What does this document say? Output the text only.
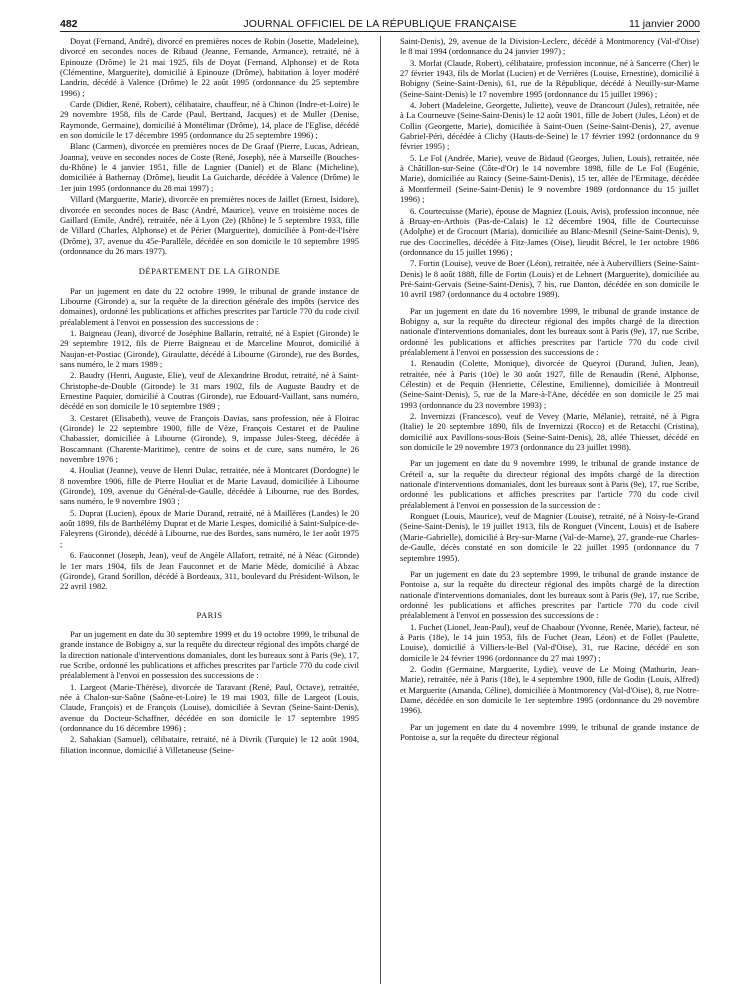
482	JOURNAL OFFICIEL DE LA RÉPUBLIQUE FRANÇAISE	11 janvier 2000

Doyat (Fernand, André), divorcé en premières noces de Robin (Josette, Madeleine), divorcé en secondes noces de Ribaud (Jeanne, Fernande, Armance), retraité, né à Epinouze (Drôme) le 21 mai 1925, fils de Doyat (Fernand, Alphonse) et de Rota (Clémentine, Marguerite), domicilié à Epinouze (Drôme), habitation à loyer modéré Landrin, décédé à Valence (Drôme) le 22 août 1995 (ordonnance du 25 septembre 1996) ;

Carde (Didier, René, Robert), célibataire, chauffeur, né à Chinon (Indre-et-Loire) le 29 novembre 1958, fils de Carde (Paul, Bertrand, Jacques) et de Muller (Denise, Raymonde, Germaine), domicilié à Montélimar (Drôme), 14, place de l'Eglise, décédé en son domicile le 17 décembre 1995 (ordonnance du 25 septembre 1996) ;

Blanc (Carmen), divorcée en premières noces de De Graaf (Pierre, Lucas, Adriean, Joanna), veuve en secondes noces de Coste (René, Joseph), née à Marseille (Bouches-du-Rhône) le 4 janvier 1951, fille de Lagnier (Daniel) et de Blanc (Micheline), domiciliée à Bathernay (Drôme), lieudit La Guicharde, décédée à Valence (Drôme) le 1er juin 1995 (ordonnance du 28 mai 1997) ;

Villard (Marguerite, Marie), divorcée en premières noces de Jaillet (Ernest, Isidore), divorcée en secondes noces de Basc (André, Maurice), veuve en troisième noces de Gaillard (Emile, André), retraitée, née à Lyon (2e) (Rhône) le 5 septembre 1933, fille de Villard (Charles, Alphonse) et de Périer (Marguerite), domiciliée à Pont-de-l'Isère (Drôme), 37, avenue du 45e-Parallèle, décédée en son domicile le 10 septembre 1995 (ordonnance du 26 mars 1977).

DÉPARTEMENT DE LA GIRONDE

Par un jugement en date du 22 octobre 1999, le tribunal de grande instance de Libourne (Gironde) a, sur la requête de la direction générale des impôts (service des domaines), ordonné les publications et affiches prescrites par l'article 770 du code civil préalablement à l'envoi en possession des successions de :

1. Baigneau (Jean), divorcé de Joséphine Ballarin, retraité, né à Espiet (Gironde) le 29 septembre 1912, fils de Pierre Baigneau et de Marceline Mourot, domicilié à Naujan-et-Postiac (Gironde), Giraulatte, décédé à Libourne (Gironde), rue des Bordes, sans numéro, le 2 mars 1989 ;

2. Baudry (Henri, Auguste, Elie), veuf de Alexandrine Brodut, retraité, né à Saint-Christophe-de-Double (Gironde) le 31 mars 1902, fils de Auguste Baudry et de Ernestine Paquier, domicilié à Coutras (Gironde), rue Edouard-Vaillant, sans numéro, décédé en son domicile le 10 septembre 1989 ;

3. Cestaret (Elisabeth), veuve de François Davias, sans profession, née à Floirac (Gironde) le 22 septembre 1900, fille de Vèze, François Cestaret et de Pauline Chabassier, domiciliée à Libourne (Gironde), 9, impasse Jules-Steeg, décédée à Boscamnant (Charente-Maritime), centre de soins et de cure, sans numéro, le 26 novembre 1976 ;

4. Houliat (Jeanne), veuve de Henri Dulac, retraitée, née à Montcaret (Dordogne) le 8 novembre 1906, fille de Pierre Houliat et de Marie Lavaud, domiciliée à Libourne (Gironde), 109, avenue du Général-de-Gaulle, décédée à Libourne, rue des Bordes, sans numéro, le 9 novembre 1903 ;

5. Duprat (Lucien), époux de Marie Durand, retraité, né à Maillères (Landes) le 20 août 1899, fils de Barthélémy Duprat et de Marie Lespes, domicilié à Saint-Sulpice-de-Faleyrens (Gironde), décédé à Libourne, rue des Bordes, sans numéro, le 1er août 1975 ;

6. Fauconnet (Joseph, Jean), veuf de Angèle Allafort, retraité, né à Néac (Gironde) le 1er mars 1904, fils de Jean Fauconnet et de Marie Mède, domicilié à Abzac (Gironde), Grand Sorillon, décédé à Bordeaux, 311, boulevard du Président-Wilson, le 22 avril 1982.

PARIS

Par un jugement en date du 30 septembre 1999 et du 19 octobre 1999, le tribunal de grande instance de Bobigny a, sur la requête du directeur régional des impôts chargé de la direction nationale d'interventions domaniales, dont les bureaux sont à Paris (9e), 17, rue Scribe, ordonné les publications et affiches prescrites par l'article 770 du code civil préalablement à l'envoi en possession des successions de :

1. Largeot (Marie-Thérèse), divorcée de Taravant (René, Paul, Octave), retraitée, née à Chalon-sur-Saône (Saône-et-Loire) le 19 mai 1903, fille de Largeot (Louis, Claude, François) et de François (Louise), domiciliée à Sevran (Seine-Saint-Denis), avenue du Docteur-Schaffner, décédée en son domicile le 17 septembre 1995 (ordonnance du 16 décembre 1996) ;

2. Sahakian (Samuel), célibataire, retraité, né à Divrik (Turquie) le 12 août 1904, filiation inconnue, domicilié à Villetaneuse (Seine-

Saint-Denis), 29, avenue de la Division-Leclerc, décédé à Montmorency (Val-d'Oise) le 8 mai 1994 (ordonnance du 24 janvier 1997) ;

3. Morlat (Claude, Robert), célibataire, profession inconnue, né à Sancerre (Cher) le 27 février 1943, fils de Morlat (Lucien) et de Verrières (Louise, Ernestine), domicilié à Bobigny (Seine-Saint-Denis), 61, rue de la République, décédé à Neuilly-sur-Marne (Seine-Saint-Denis) le 17 novembre 1995 (ordonnance du 15 juillet 1996) ;

4. Jobert (Madeleine, Georgette, Juliette), veuve de Drancourt (Jules), retraitée, née à La Courneuve (Seine-Saint-Denis) le 12 août 1901, fille de Jobert (Jules, Léon) et de Collin (Georgette, Marie), domiciliée à Saint-Ouen (Seine-Saint-Denis), 27, avenue Gabriel-Péri, décédée à Clichy (Hauts-de-Seine) le 17 février 1992 (ordonnance du 9 février 1995) ;

5. Le Fol (Andrée, Marie), veuve de Bidaud (Georges, Julien, Louis), retraitée, née à Châtillon-sur-Seine (Côte-d'Or) le 14 novembre 1898, fille de Le Fol (Eugénie, Marie), domiciliée au Raincy (Seine-Saint-Denis), 15 ter, allée de l'Ermitage, décédée à Montfermeil (Seine-Saint-Denis) le 9 novembre 1989 (ordonnance du 15 juillet 1996) ;

6. Courtecuisse (Marie), épouse de Magniez (Louis, Avis), profession inconnue, née à Bruay-en-Arthois (Pas-de-Calais) le 12 décembre 1904, fille de Courtecuisse (Adolphe) et de Grocourt (Maria), domiciliée au Blanc-Mesnil (Seine-Saint-Denis), 9, rue des Coccinelles, décédée à Fitz-James (Oise), lieudit Bécrel, le 1er octobre 1986 (ordonnance du 15 juillet 1996) ;

7. Fortin (Louise), veuve de Boer (Léon), retraitée, née à Aubervilliers (Seine-Saint-Denis) le 8 août 1888, fille de Fortin (Louis) et de Lehnert (Marguerite), domiciliée au Pré-Saint-Gervais (Seine-Saint-Denis), 7 bis, rue Danton, décédée en son domicile le 10 avril 1987 (ordonnance du 4 octobre 1989).

Par un jugement en date du 16 novembre 1999, le tribunal de grande instance de Bobigny a, sur la requête du directeur régional des impôts chargé de la direction nationale d'interventions domaniales, dont les bureaux sont à Paris (9e), 17, rue Scribe, ordonné les publications et affiches prescrites par l'article 770 du code civil préalablement à l'envoi en possession des successions de :

1. Renaudin (Colette, Monique), divorcée de Queyroi (Durand, Julien, Jean), retraitée, née à Paris (10e) le 30 août 1927, fille de Renaudin (René, Alphonse, Célestin) et de Pequin (Henriette, Célestine, Emilienne), domiciliée à Montreuil (Seine-Saint-Denis), 5, rue de la Mare-à-l'Ane, décédée en son domicile le 25 mai 1993 (ordonnance du 23 novembre 1993) ;

2. Invernizzi (Francesco), veuf de Vevey (Marie, Mélanie), retraité, né à Pigra (Italie) le 20 septembre 1890, fils de Invernizzi (Rocco) et de Retacchi (Cristina), domicilié aux Pavillons-sous-Bois (Seine-Saint-Denis), 28, allée Thiesset, décédé en son domicile le 29 novembre 1973 (ordonnance du 23 juillet 1998).

Par un jugement en date du 9 novembre 1999, le tribunal de grande instance de Créteil a, sur la requête du directeur régional des impôts chargé de la direction nationale d'interventions domaniales, dont les bureaux sont à Paris (9e), 17, rue Scribe, ordonné les publications et affiches prescrites par l'article 770 du code civil préalablement à l'envoi en possession de la succession de :

Ronguet (Louis, Maurice), veuf de Magnier (Louise), retraité, né à Noisy-le-Grand (Seine-Saint-Denis), le 19 juillet 1913, fils de Ronguet (Vincent, Louis) et de Isabere (Marie-Gabrielle), domicilié à Bry-sur-Marne (Val-de-Marne), 27, grande-rue Charles-de-Gaulle, décès constaté en son domicile le 22 juillet 1995 (ordonnance du 7 septembre 1995).

Par un jugement en date du 23 septembre 1999, le tribunal de grande instance de Pontoise a, sur la requête du directeur régional des impôts chargé de la direction nationale d'interventions domaniales, dont les bureaux sont à Paris (9e), 17, rue Scribe, ordonné les publications et affiches prescrites par l'article 770 du code civil préalablement à l'envoi en possession des successions de :

1. Fuchet (Lionel, Jean-Paul), veuf de Chaabour (Yvonne, Renée, Marie), facteur, né à Paris (18e), le 14 juin 1953, fils de Fuchet (Jean, Léon) et de Follet (Paulette, Louise), domicilié à Villiers-le-Bel (Val-d'Oise), 31, rue Racine, décédé en son domicile le 24 février 1996 (ordonnance du 27 mai 1997) ;

2. Godin (Germaine, Marguerite, Lydie), veuve de Le Moing (Mathurin, Jean-Marie), retraitée, née à Paris (18e), le 4 septembre 1900, fille de Godin (Louis, Alfred) et Marguerite (Amanda, Céline), domiciliée à Montmorency (Val-d'Oise), 8, rue Notre-Dame, décédée en son domicile le 1er septembre 1995 (ordonnance du 29 novembre 1996).

Par un jugement en date du 4 novembre 1999, le tribunal de grande instance de Pontoise a, sur la requête du directeur régional
